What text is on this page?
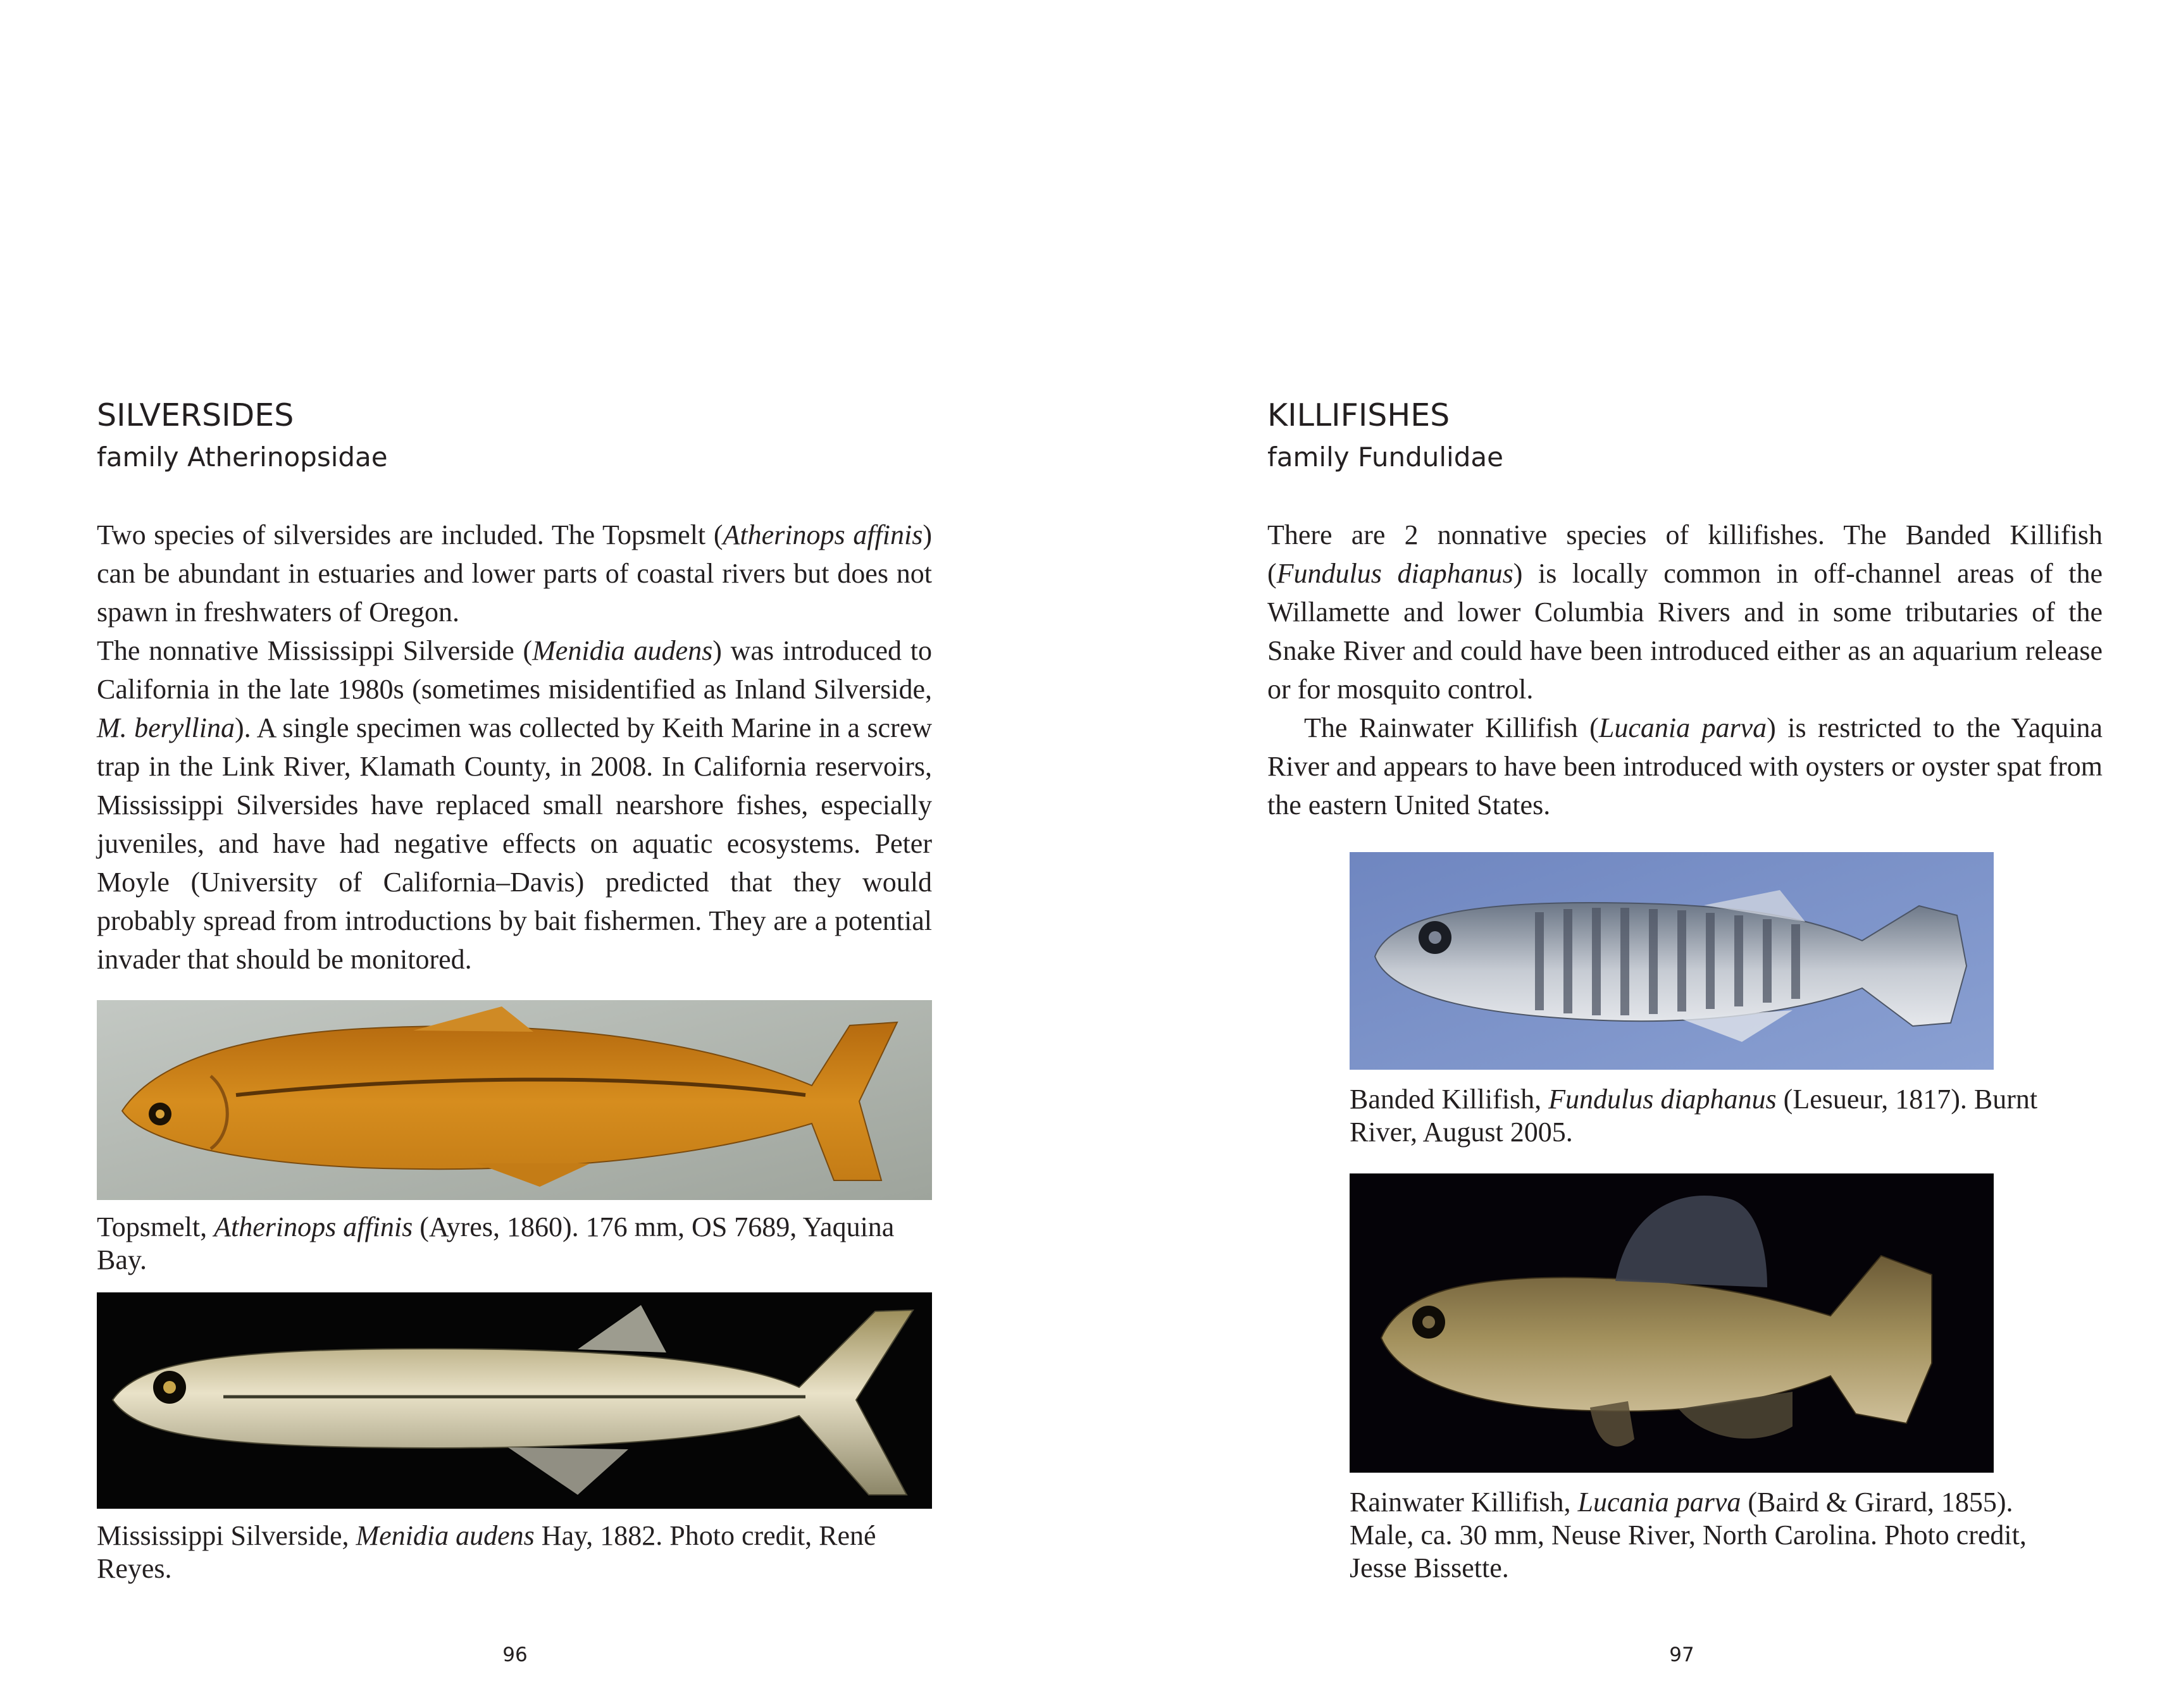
SILVERSIDES
family Atherinopsidae

Two species of silversides are included. The Topsmelt (Atherinops affinis) can be abundant in estuaries and lower parts of coastal rivers but does not spawn in freshwaters of Oregon.

The nonnative Mississippi Silverside (Menidia audens) was introduced to California in the late 1980s (sometimes misidentified as Inland Silverside, M. beryllina). A single specimen was collected by Keith Marine in a screw trap in the Link River, Klamath County, in 2008. In California reservoirs, Mississippi Silversides have replaced small nearshore fishes, especially juveniles, and have had negative effects on aquatic ecosystems. Peter Moyle (University of California–Davis) predicted that they would probably spread from introductions by bait fishermen. They are a potential invader that should be monitored.

Topsmelt, Atherinops affinis (Ayres, 1860). 176 mm, OS 7689, Yaquina Bay.

Mississippi Silverside, Menidia audens Hay, 1882. Photo credit, René Reyes.

96
KILLIFISHES
family Fundulidae

There are 2 nonnative species of killifishes. The Banded Killifish (Fundulus diaphanus) is locally common in off-channel areas of the Willamette and lower Columbia Rivers and in some tributaries of the Snake River and could have been introduced either as an aquarium release or for mosquito control.

The Rainwater Killifish (Lucania parva) is restricted to the Yaquina River and appears to have been introduced with oysters or oyster spat from the eastern United States.

Banded Killifish, Fundulus diaphanus (Lesueur, 1817). Burnt River, August 2005.

Rainwater Killifish, Lucania parva (Baird & Girard, 1855). Male, ca. 30 mm, Neuse River, North Carolina. Photo credit, Jesse Bissette.

97
